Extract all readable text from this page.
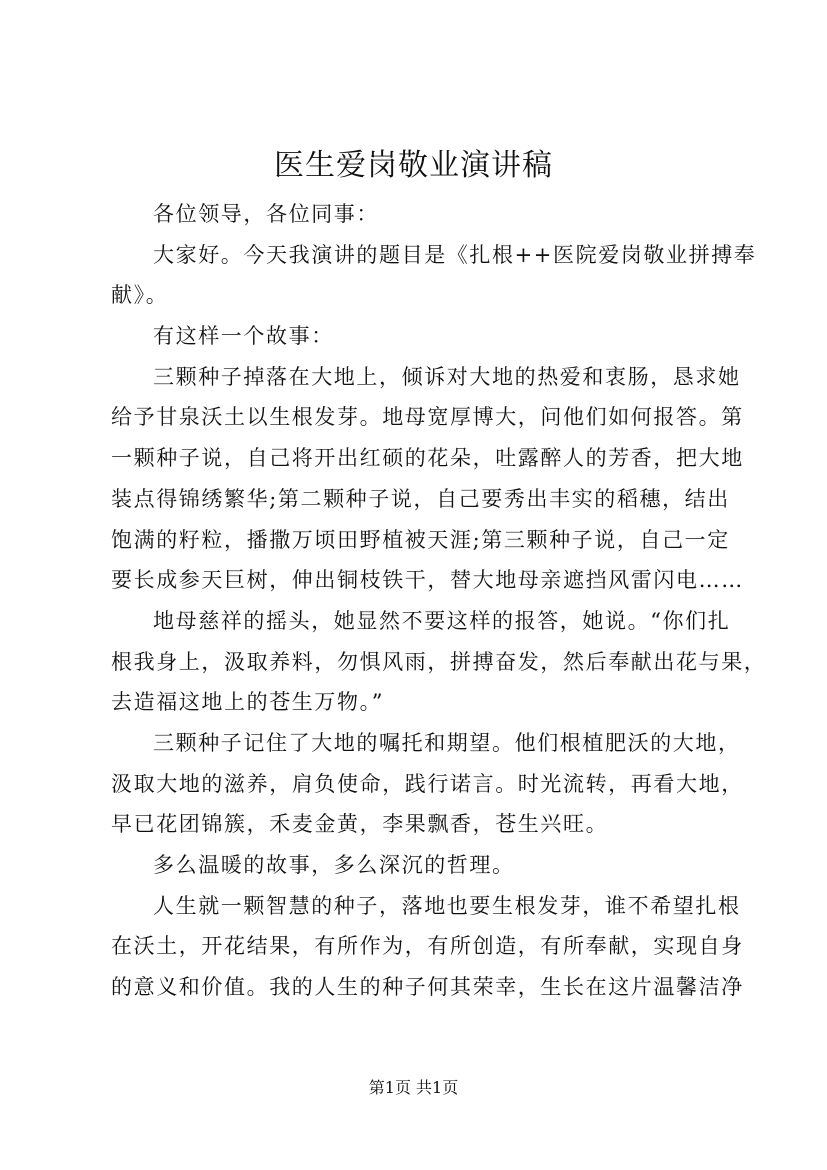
医生爱岗敬业演讲稿
各位领导，各位同事：
大家好。今天我演讲的题目是《扎根++医院爱岗敬业拼搏奉
献》。
有这样一个故事：
三颗种子掉落在大地上，倾诉对大地的热爱和衷肠，恳求她
给予甘泉沃土以生根发芽。地母宽厚博大，问他们如何报答。第
一颗种子说，自己将开出红硕的花朵，吐露醉人的芳香，把大地
装点得锦绣繁华;第二颗种子说，自己要秀出丰实的稻穗，结出
饱满的籽粒，播撒万顷田野植被天涯;第三颗种子说，自己一定
要长成参天巨树，伸出铜枝铁干，替大地母亲遮挡风雷闪电……
地母慈祥的摇头，她显然不要这样的报答，她说。“你们扎
根我身上，汲取养料，勿惧风雨，拼搏奋发，然后奉献出花与果，
去造福这地上的苍生万物。”
三颗种子记住了大地的嘱托和期望。他们根植肥沃的大地，
汲取大地的滋养，肩负使命，践行诺言。时光流转，再看大地，
早已花团锦簇，禾麦金黄，李果飘香，苍生兴旺。
多么温暖的故事，多么深沉的哲理。
人生就一颗智慧的种子，落地也要生根发芽，谁不希望扎根
在沃土，开花结果，有所作为，有所创造，有所奉献，实现自身
的意义和价值。我的人生的种子何其荣幸，生长在这片温馨洁净
第1页 共1页
